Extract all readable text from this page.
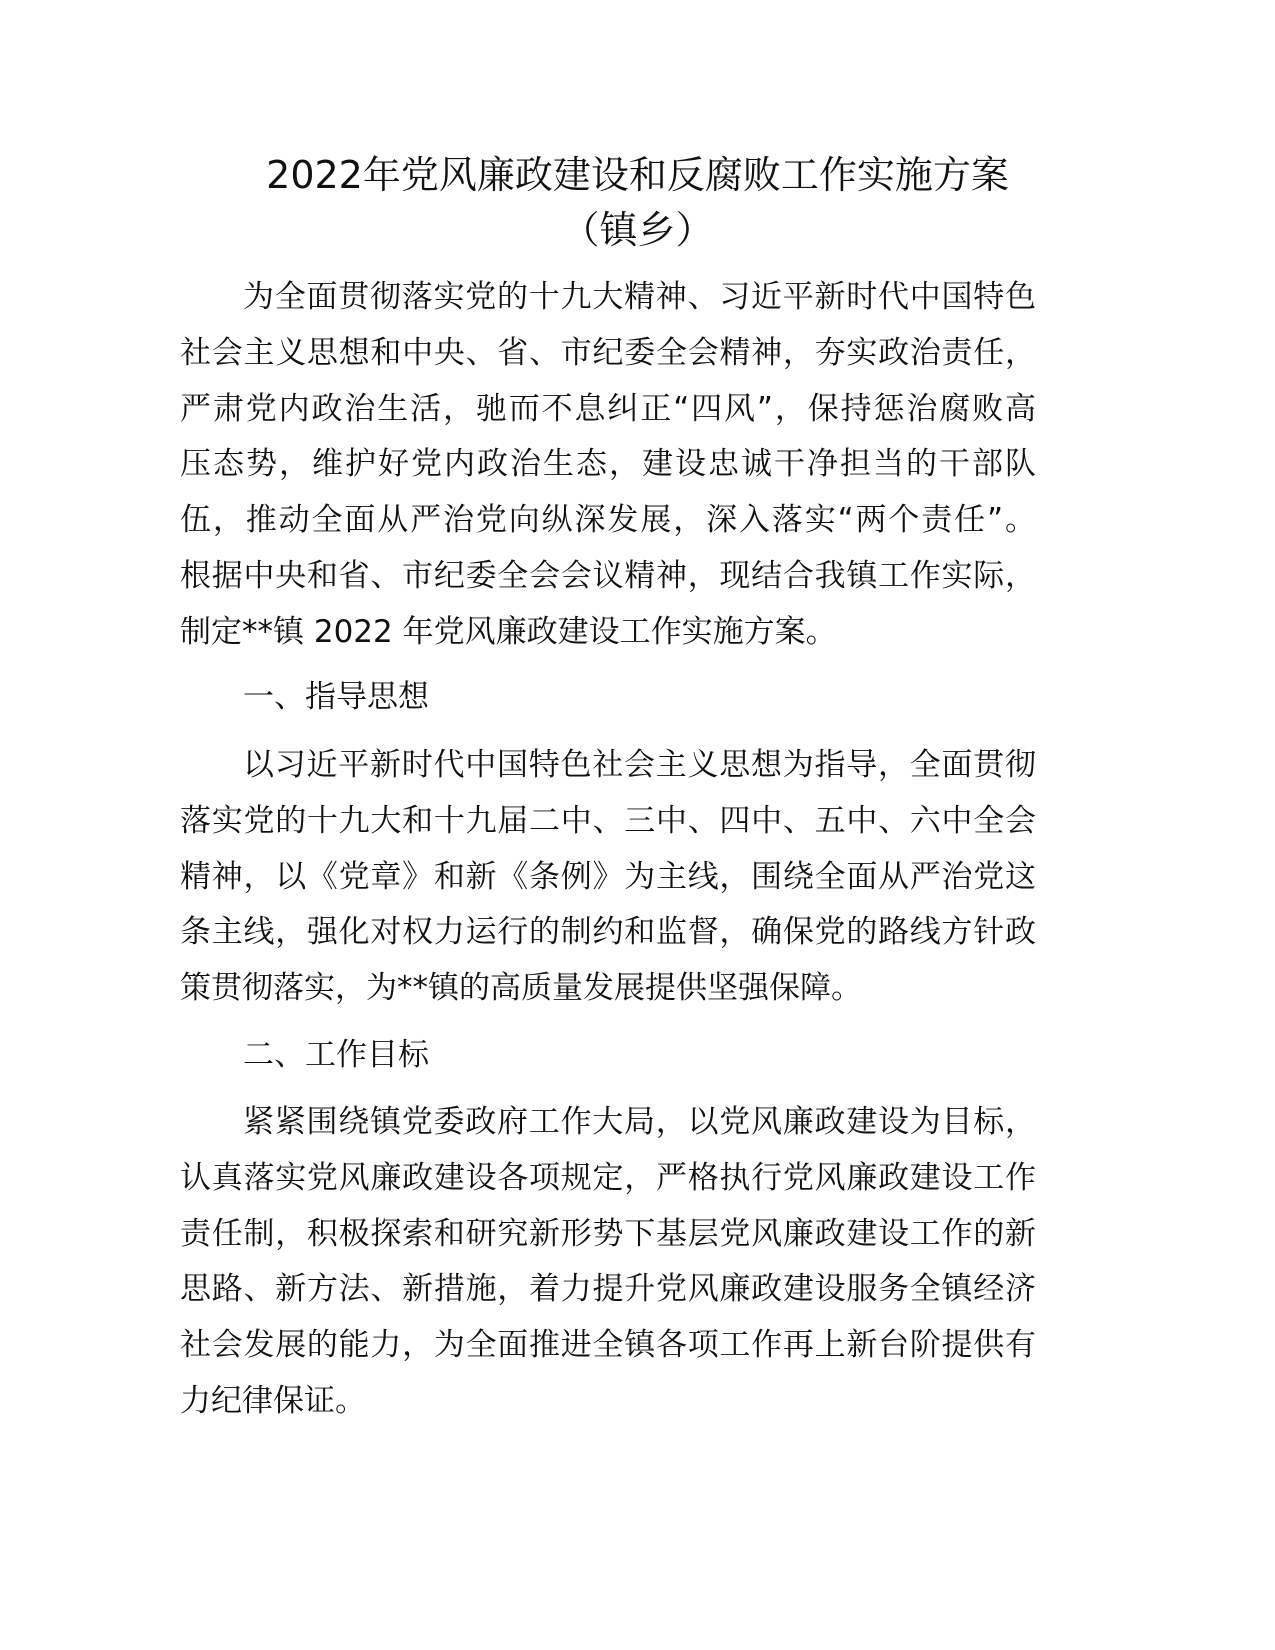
2022年党风廉政建设和反腐败工作实施方案
（镇乡）
为全面贯彻落实党的十九大精神、习近平新时代中国特色
社会主义思想和中央、省、市纪委全会精神，夯实政治责任，
严肃党内政治生活，驰而不息纠正“四风”，保持惩治腐败高
压态势，维护好党内政治生态，建设忠诚干净担当的干部队
伍，推动全面从严治党向纵深发展，深入落实“两个责任”。
根据中央和省、市纪委全会会议精神，现结合我镇工作实际，
制定**镇 2022 年党风廉政建设工作实施方案。
一、指导思想
以习近平新时代中国特色社会主义思想为指导，全面贯彻
落实党的十九大和十九届二中、三中、四中、五中、六中全会
精神，以《党章》和新《条例》为主线，围绕全面从严治党这
条主线，强化对权力运行的制约和监督，确保党的路线方针政
策贯彻落实，为**镇的高质量发展提供坚强保障。
二、工作目标
紧紧围绕镇党委政府工作大局，以党风廉政建设为目标，
认真落实党风廉政建设各项规定，严格执行党风廉政建设工作
责任制，积极探索和研究新形势下基层党风廉政建设工作的新
思路、新方法、新措施，着力提升党风廉政建设服务全镇经济
社会发展的能力，为全面推进全镇各项工作再上新台阶提供有
力纪律保证。
